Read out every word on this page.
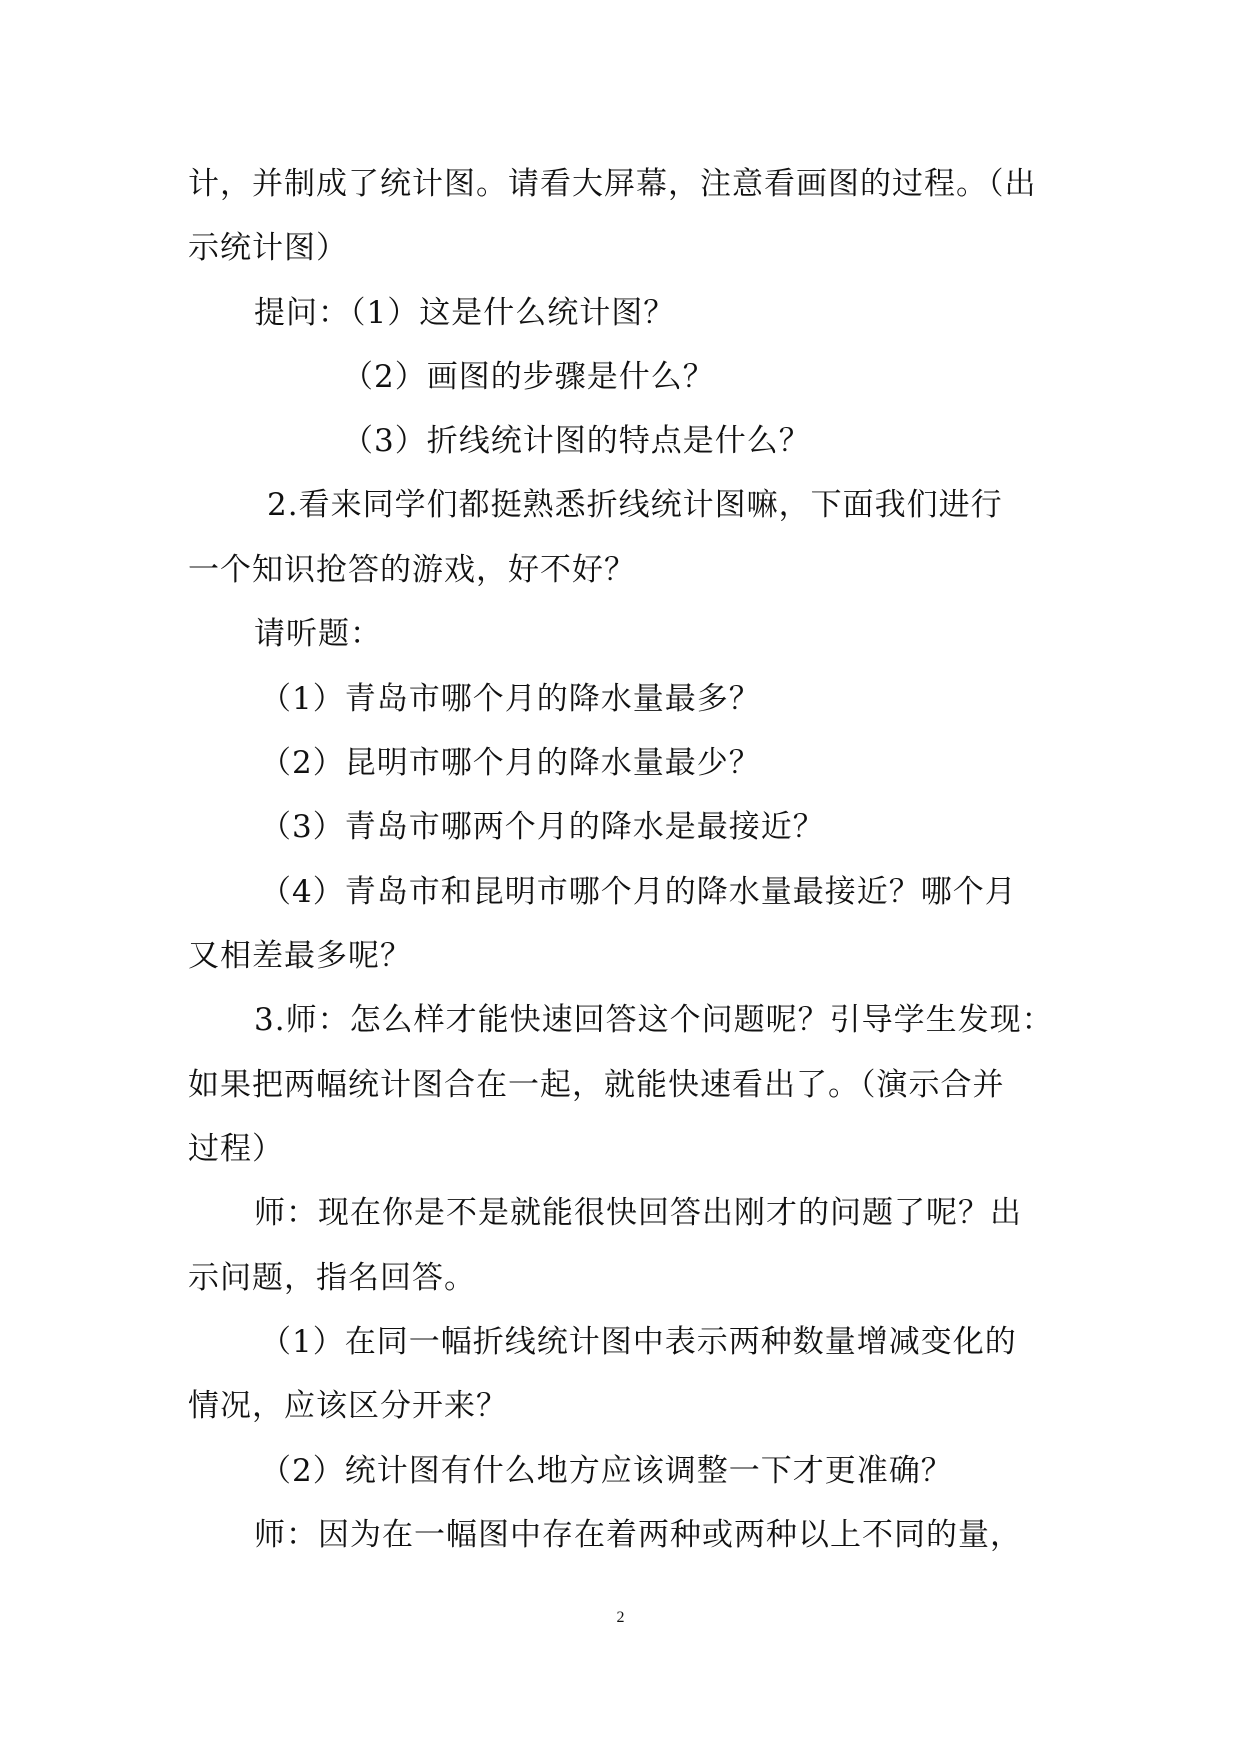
计，并制成了统计图。请看大屏幕，注意看画图的过程。（出
示统计图）
提问：（1）这是什么统计图？
（2）画图的步骤是什么？
（3）折线统计图的特点是什么？
2.看来同学们都挺熟悉折线统计图嘛，下面我们进行
一个知识抢答的游戏，好不好？
请听题：
（1）青岛市哪个月的降水量最多？
（2）昆明市哪个月的降水量最少？
（3）青岛市哪两个月的降水是最接近？
（4）青岛市和昆明市哪个月的降水量最接近？哪个月
又相差最多呢？
3.师：怎么样才能快速回答这个问题呢？引导学生发现：
如果把两幅统计图合在一起，就能快速看出了。（演示合并
过程）
师：现在你是不是就能很快回答出刚才的问题了呢？出
示问题，指名回答。
（1）在同一幅折线统计图中表示两种数量增减变化的
情况，应该区分开来？
（2）统计图有什么地方应该调整一下才更准确？
师：因为在一幅图中存在着两种或两种以上不同的量，
2
